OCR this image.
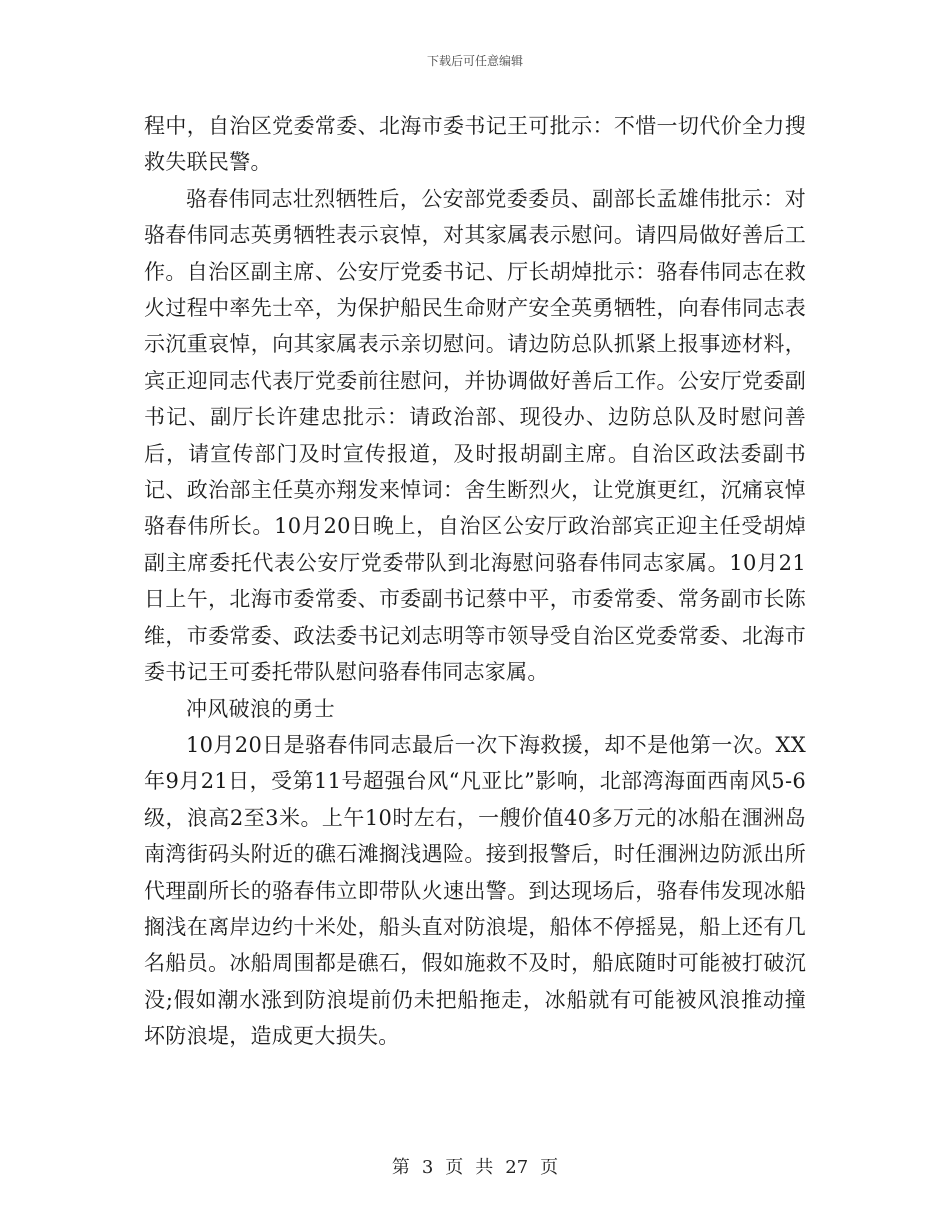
下载后可任意编辑

程中，自治区党委常委、北海市委书记王可批示：不惜一切代价全力搜救失联民警。

骆春伟同志壮烈牺牲后，公安部党委委员、副部长孟雄伟批示：对骆春伟同志英勇牺牲表示哀悼，对其家属表示慰问。请四局做好善后工作。自治区副主席、公安厅党委书记、厅长胡焯批示：骆春伟同志在救火过程中率先士卒，为保护船民生命财产安全英勇牺牲，向春伟同志表示沉重哀悼，向其家属表示亲切慰问。请边防总队抓紧上报事迹材料，宾正迎同志代表厅党委前往慰问，并协调做好善后工作。公安厅党委副书记、副厅长许建忠批示：请政治部、现役办、边防总队及时慰问善后，请宣传部门及时宣传报道，及时报胡副主席。自治区政法委副书记、政治部主任莫亦翔发来悼词：舍生断烈火，让党旗更红，沉痛哀悼骆春伟所长。10月20日晚上，自治区公安厅政治部宾正迎主任受胡焯副主席委托代表公安厅党委带队到北海慰问骆春伟同志家属。10月21日上午，北海市委常委、市委副书记蔡中平，市委常委、常务副市长陈维，市委常委、政法委书记刘志明等市领导受自治区党委常委、北海市委书记王可委托带队慰问骆春伟同志家属。

冲风破浪的勇士

10月20日是骆春伟同志最后一次下海救援，却不是他第一次。XX年9月21日，受第11号超强台风“凡亚比”影响，北部湾海面西南风5-6级，浪高2至3米。上午10时左右，一艘价值40多万元的冰船在涠洲岛南湾街码头附近的礁石滩搁浅遇险。接到报警后，时任涠洲边防派出所代理副所长的骆春伟立即带队火速出警。到达现场后，骆春伟发现冰船搁浅在离岸边约十米处，船头直对防浪堤，船体不停摇晃，船上还有几名船员。冰船周围都是礁石，假如施救不及时，船底随时可能被打破沉没;假如潮水涨到防浪堤前仍未把船拖走，冰船就有可能被风浪推动撞坏防浪堤，造成更大损失。

第 3 页 共 27 页
